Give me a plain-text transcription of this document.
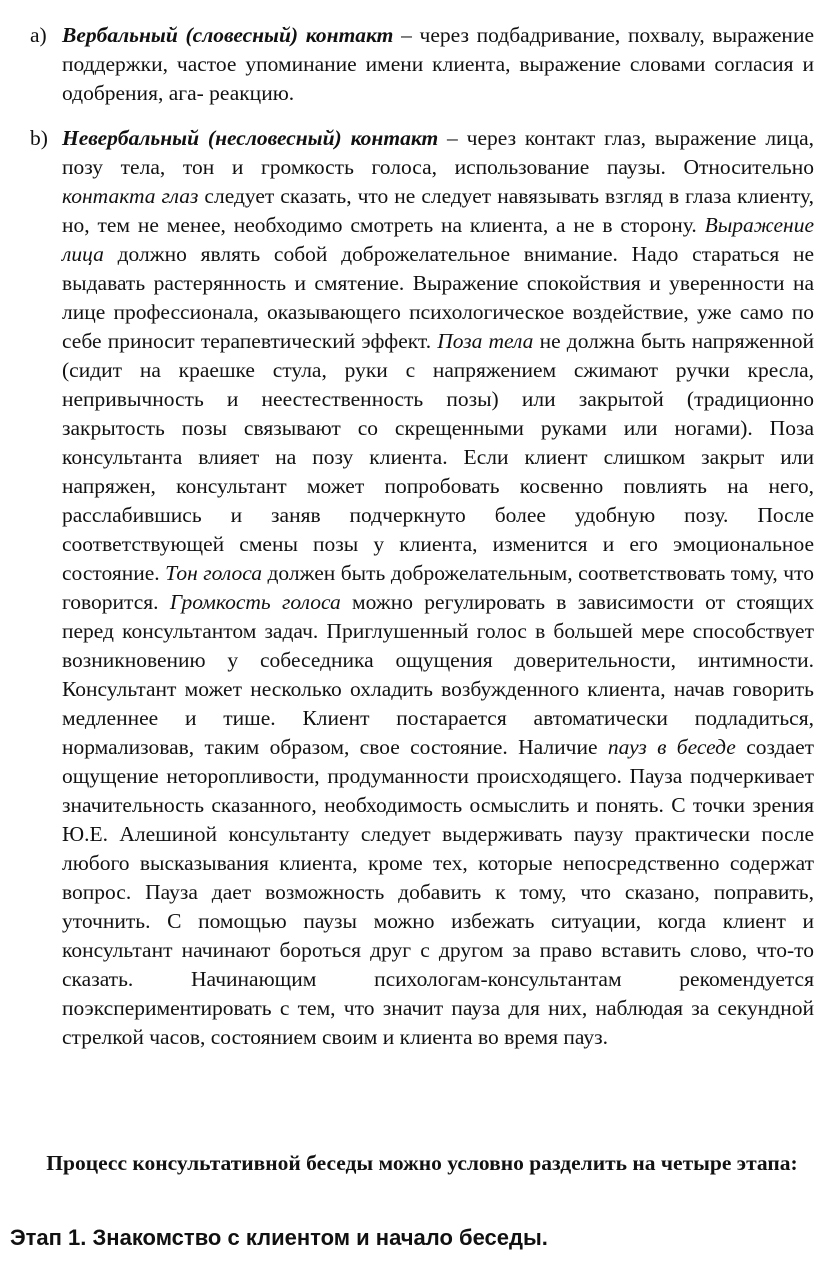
a) Вербальный (словесный) контакт – через подбадривание, похвалу, выражение поддержки, частое упоминание имени клиента, выражение словами согласия и одобрения, ага- реакцию.
b) Невербальный (несловесный) контакт – через контакт глаз, выражение лица, позу тела, тон и громкость голоса, использование паузы. Относительно контакта глаз следует сказать, что не следует навязывать взгляд в глаза клиенту, но, тем не менее, необходимо смотреть на клиента, а не в сторону. Выражение лица должно являть собой доброжелательное внимание. Надо стараться не выдавать растерянность и смятение. Выражение спокойствия и уверенности на лице профессионала, оказывающего психологическое воздействие, уже само по себе приносит терапевтический эффект. Поза тела не должна быть напряженной (сидит на краешке стула, руки с напряжением сжимают ручки кресла, непривычность и неестественность позы) или закрытой (традиционно закрытость позы связывают со скрещенными руками или ногами). Поза консультанта влияет на позу клиента. Если клиент слишком закрыт или напряжен, консультант может попробовать косвенно повлиять на него, расслабившись и заняв подчеркнуто более удобную позу. После соответствующей смены позы у клиента, изменится и его эмоциональное состояние. Тон голоса должен быть доброжелательным, соответствовать тому, что говорится. Громкость голоса можно регулировать в зависимости от стоящих перед консультантом задач. Приглушенный голос в большей мере способствует возникновению у собеседника ощущения доверительности, интимности. Консультант может несколько охладить возбужденного клиента, начав говорить медленнее и тише. Клиент постарается автоматически подладиться, нормализовав, таким образом, свое состояние. Наличие пауз в беседе создает ощущение неторопливости, продуманности происходящего. Пауза подчеркивает значительность сказанного, необходимость осмыслить и понять. С точки зрения Ю.Е. Алешиной консультанту следует выдерживать паузу практически после любого высказывания клиента, кроме тех, которые непосредственно содержат вопрос. Пауза дает возможность добавить к тому, что сказано, поправить, уточнить. С помощью паузы можно избежать ситуации, когда клиент и консультант начинают бороться друг с другом за право вставить слово, что-то сказать. Начинающим психологам-консультантам рекомендуется поэкспериментировать с тем, что значит пауза для них, наблюдая за секундной стрелкой часов, состоянием своим и клиента во время пауз.
Процесс консультативной беседы можно условно разделить на четыре этапа:
Этап 1. Знакомство с клиентом и начало беседы.
